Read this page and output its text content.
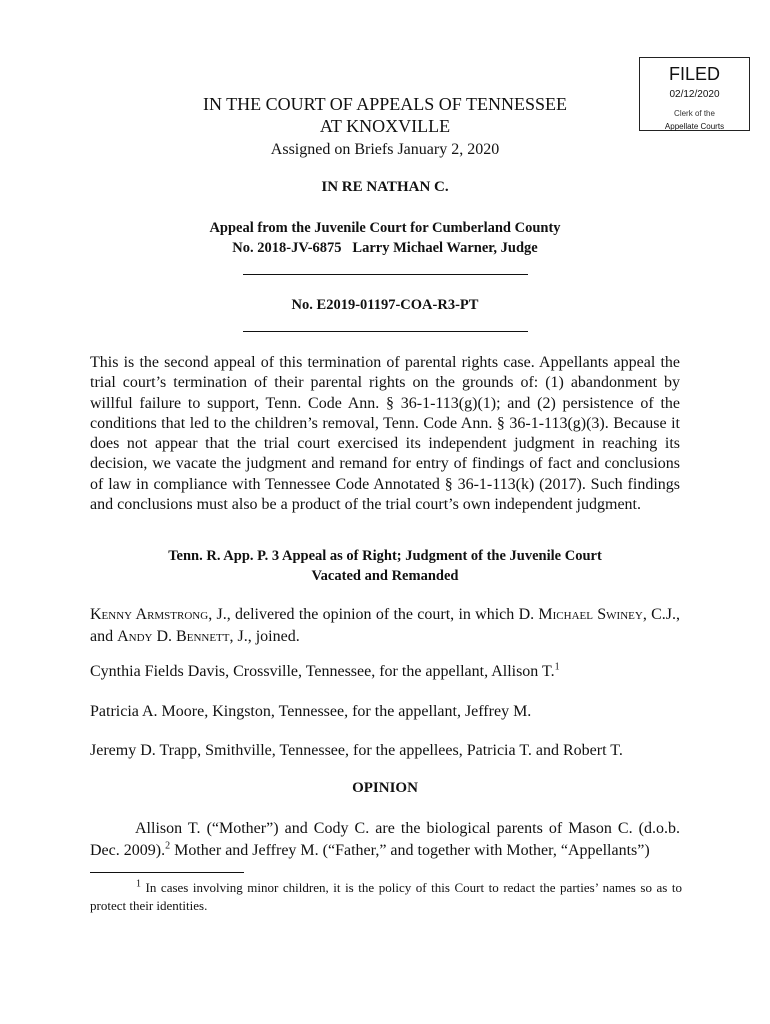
FILED
02/12/2020
Clerk of the
Appellate Courts
IN THE COURT OF APPEALS OF TENNESSEE
AT KNOXVILLE
Assigned on Briefs January 2, 2020
IN RE NATHAN C.
Appeal from the Juvenile Court for Cumberland County
No. 2018-JV-6875   Larry Michael Warner, Judge
No. E2019-01197-COA-R3-PT

This is the second appeal of this termination of parental rights case. Appellants appeal the trial court’s termination of their parental rights on the grounds of: (1) abandonment by willful failure to support, Tenn. Code Ann. § 36-1-113(g)(1); and (2) persistence of the conditions that led to the children’s removal, Tenn. Code Ann. § 36-1-113(g)(3). Because it does not appear that the trial court exercised its independent judgment in reaching its decision, we vacate the judgment and remand for entry of findings of fact and conclusions of law in compliance with Tennessee Code Annotated § 36-1-113(k) (2017). Such findings and conclusions must also be a product of the trial court’s own independent judgment.

Tenn. R. App. P. 3 Appeal as of Right; Judgment of the Juvenile Court
Vacated and Remanded

Kenny Armstrong, J., delivered the opinion of the court, in which D. Michael Swiney, C.J., and Andy D. Bennett, J., joined.

Cynthia Fields Davis, Crossville, Tennessee, for the appellant, Allison T.$^1$

Patricia A. Moore, Kingston, Tennessee, for the appellant, Jeffrey M.

Jeremy D. Trapp, Smithville, Tennessee, for the appellees, Patricia T. and Robert T.

OPINION

Allison T. (“Mother”) and Cody C. are the biological parents of Mason C. (d.o.b. Dec. 2009).$^2$ Mother and Jeffrey M. (“Father,” and together with Mother, “Appellants”)

$^1$ In cases involving minor children, it is the policy of this Court to redact the parties’ names so as to protect their identities.
